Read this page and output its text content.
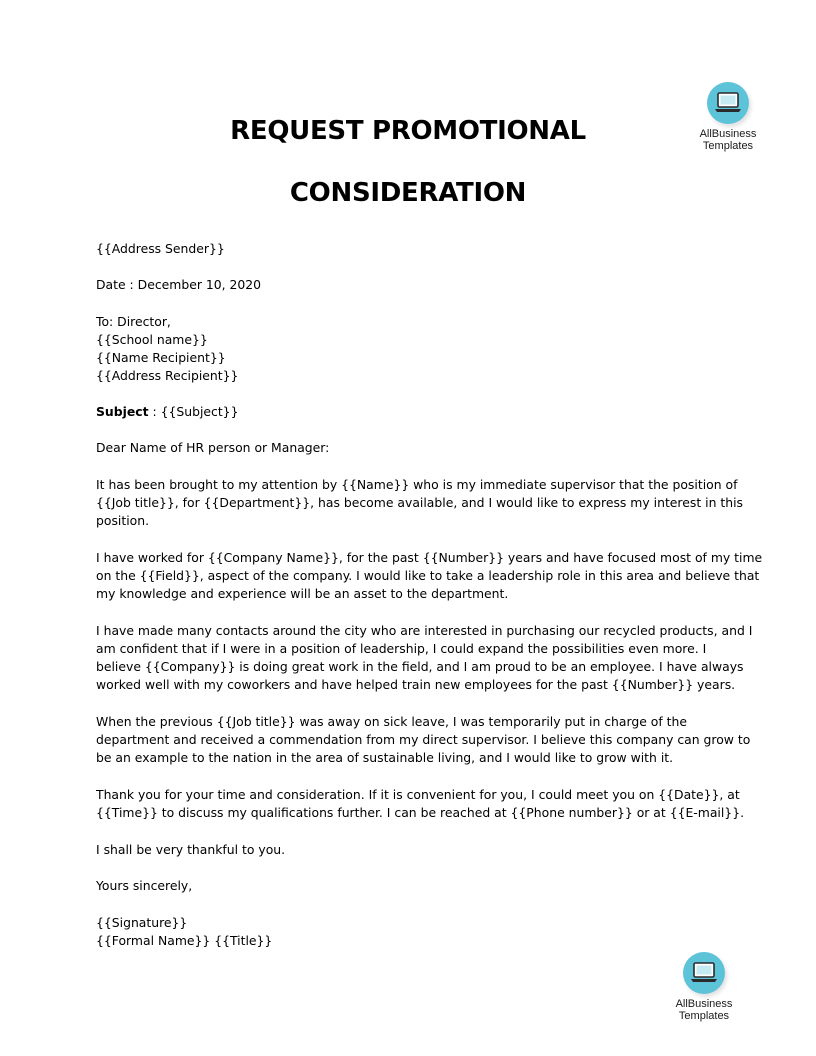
REQUEST PROMOTIONAL
CONSIDERATION
AllBusiness
Templates

{{Address Sender}}

Date : December 10, 2020

To: Director,
{{School name}}
{{Name Recipient}}
{{Address Recipient}}

Subject : {{Subject}}

Dear Name of HR person or Manager:

It has been brought to my attention by {{Name}} who is my immediate supervisor that the position of
{{Job title}}, for {{Department}}, has become available, and I would like to express my interest in this
position.

I have worked for {{Company Name}}, for the past {{Number}} years and have focused most of my time
on the {{Field}}, aspect of the company. I would like to take a leadership role in this area and believe that
my knowledge and experience will be an asset to the department.

I have made many contacts around the city who are interested in purchasing our recycled products, and I
am confident that if I were in a position of leadership, I could expand the possibilities even more. I
believe {{Company}} is doing great work in the field, and I am proud to be an employee. I have always
worked well with my coworkers and have helped train new employees for the past {{Number}} years.

When the previous {{Job title}} was away on sick leave, I was temporarily put in charge of the
department and received a commendation from my direct supervisor. I believe this company can grow to
be an example to the nation in the area of sustainable living, and I would like to grow with it.

Thank you for your time and consideration. If it is convenient for you, I could meet you on {{Date}}, at
{{Time}} to discuss my qualifications further. I can be reached at {{Phone number}} or at {{E-mail}}.

I shall be very thankful to you.

Yours sincerely,

{{Signature}}
{{Formal Name}} {{Title}}

AllBusiness
Templates
